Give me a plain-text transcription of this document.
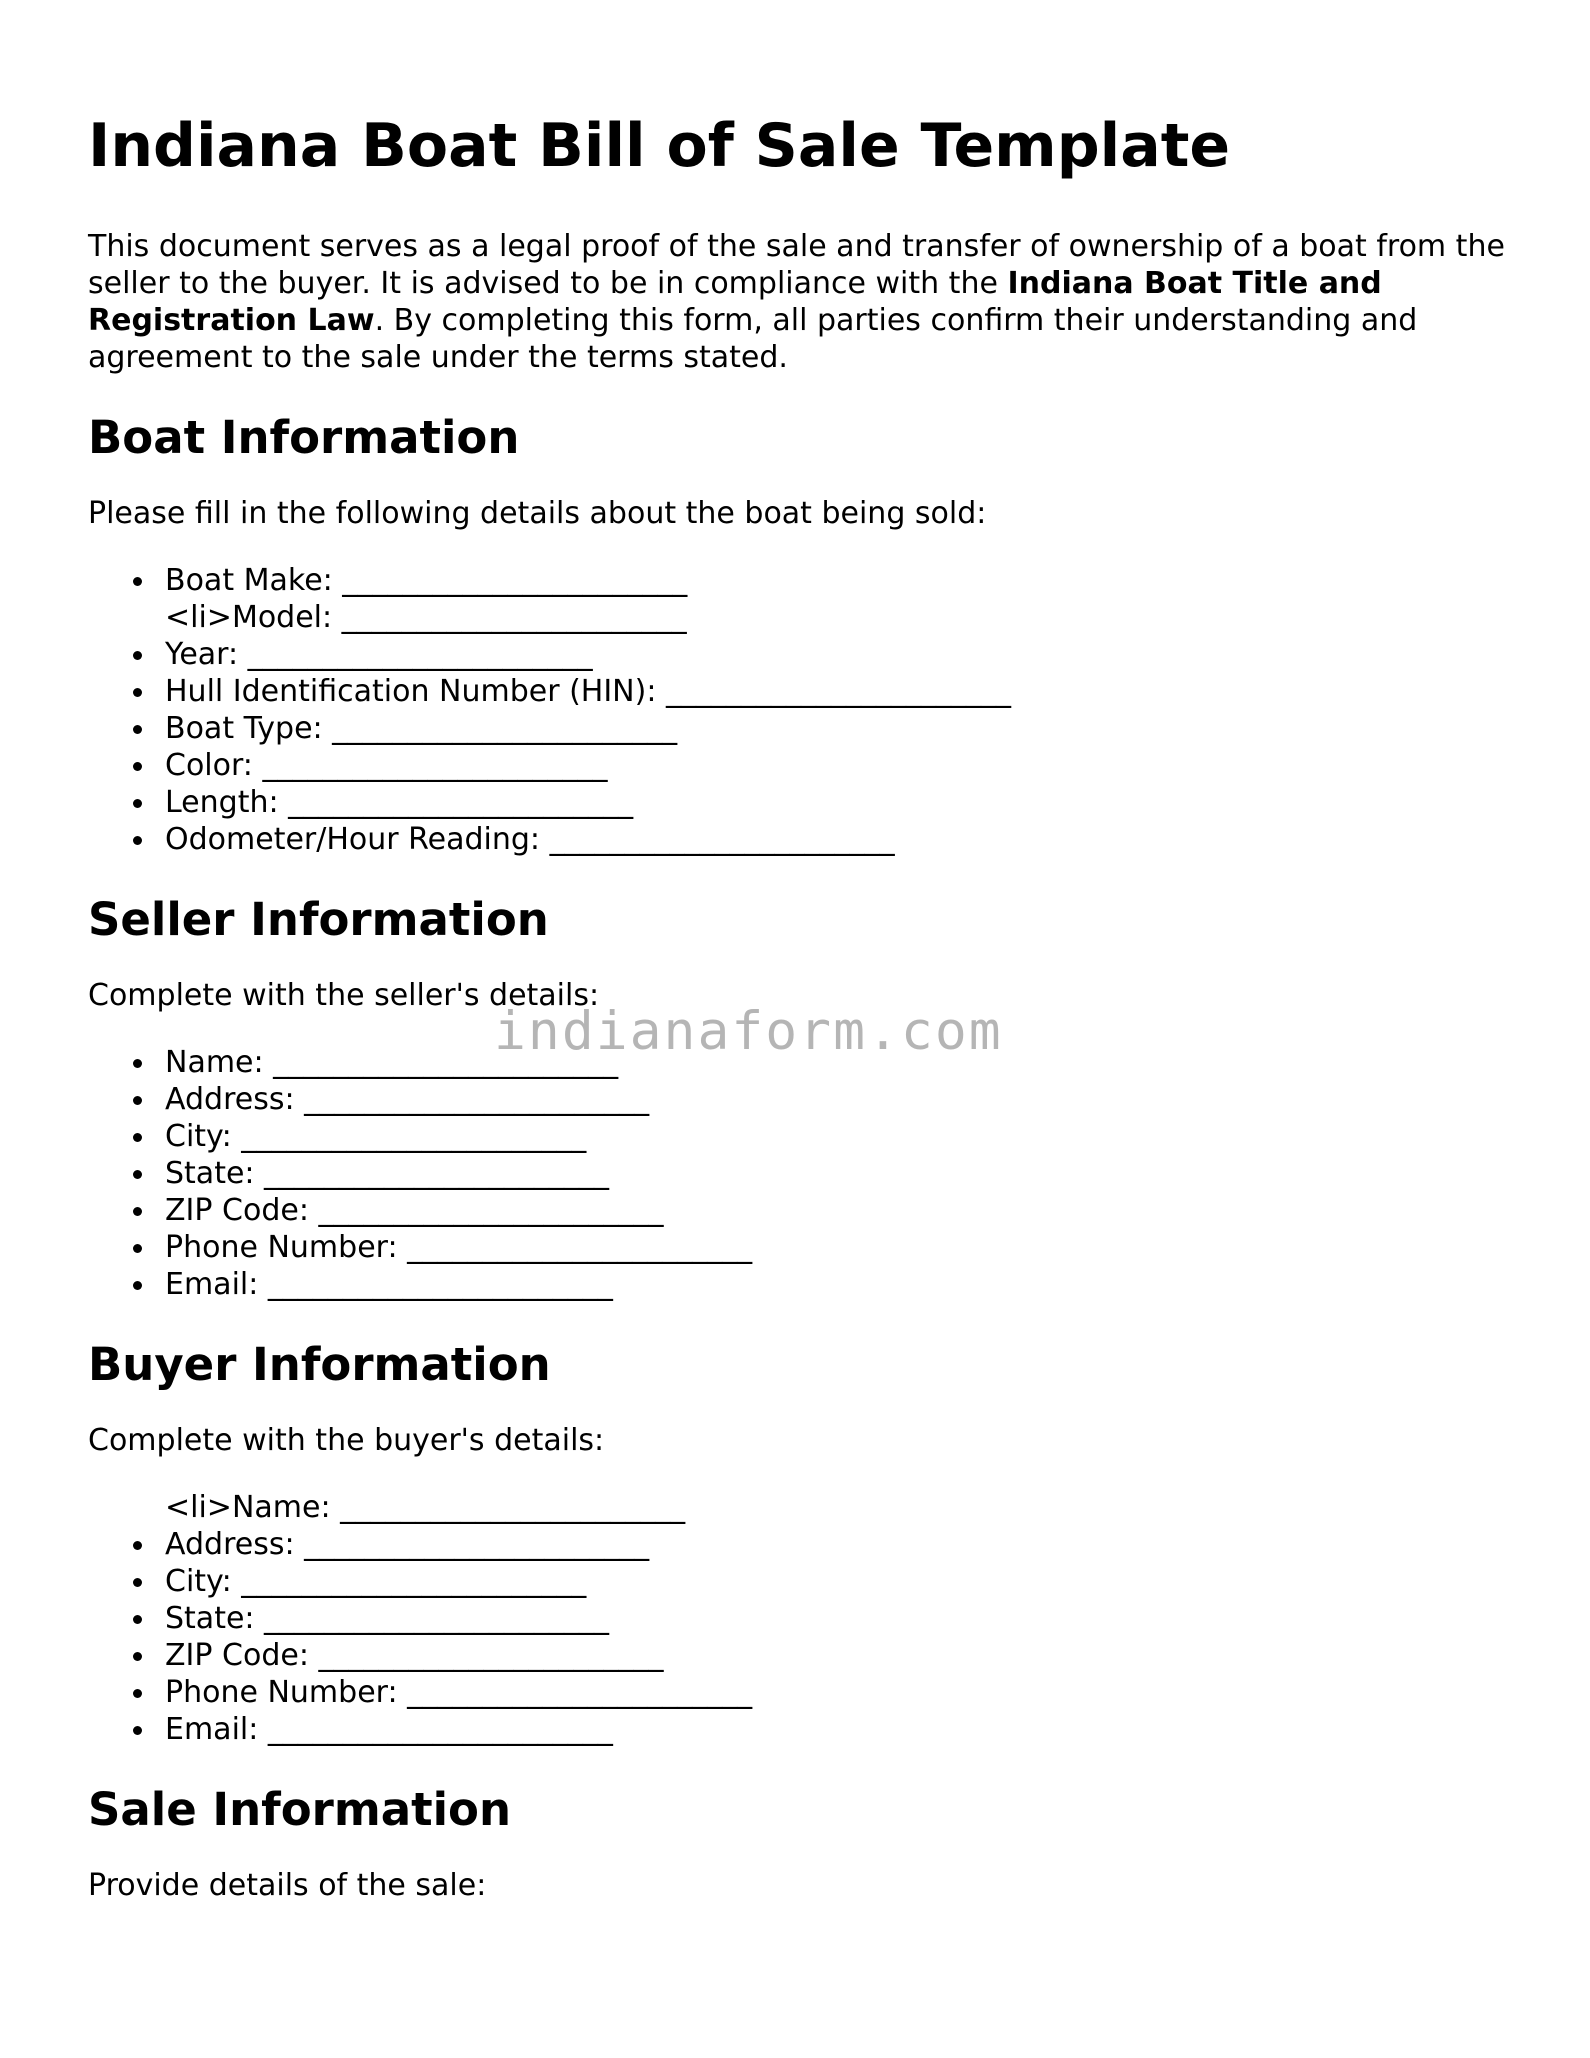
Indiana Boat Bill of Sale Template

This document serves as a legal proof of the sale and transfer of ownership of a boat from the seller to the buyer. It is advised to be in compliance with the Indiana Boat Title and Registration Law. By completing this form, all parties confirm their understanding and agreement to the sale under the terms stated.

Boat Information

Please fill in the following details about the boat being sold:

Boat Make: _______________________
<li>Model: _______________________
Year: _______________________
Hull Identification Number (HIN): _______________________
Boat Type: _______________________
Color: _______________________
Length: _______________________
Odometer/Hour Reading: _______________________
Seller Information

Complete with the seller's details:

Name: _______________________
Address: _______________________
City: _______________________
State: _______________________
ZIP Code: _______________________
Phone Number: _______________________
Email: _______________________
Buyer Information

Complete with the buyer's details:

<li>Name: _______________________
Address: _______________________
City: _______________________
State: _______________________
ZIP Code: _______________________
Phone Number: _______________________
Email: _______________________
Sale Information

Provide details of the sale:

indianaform.com
